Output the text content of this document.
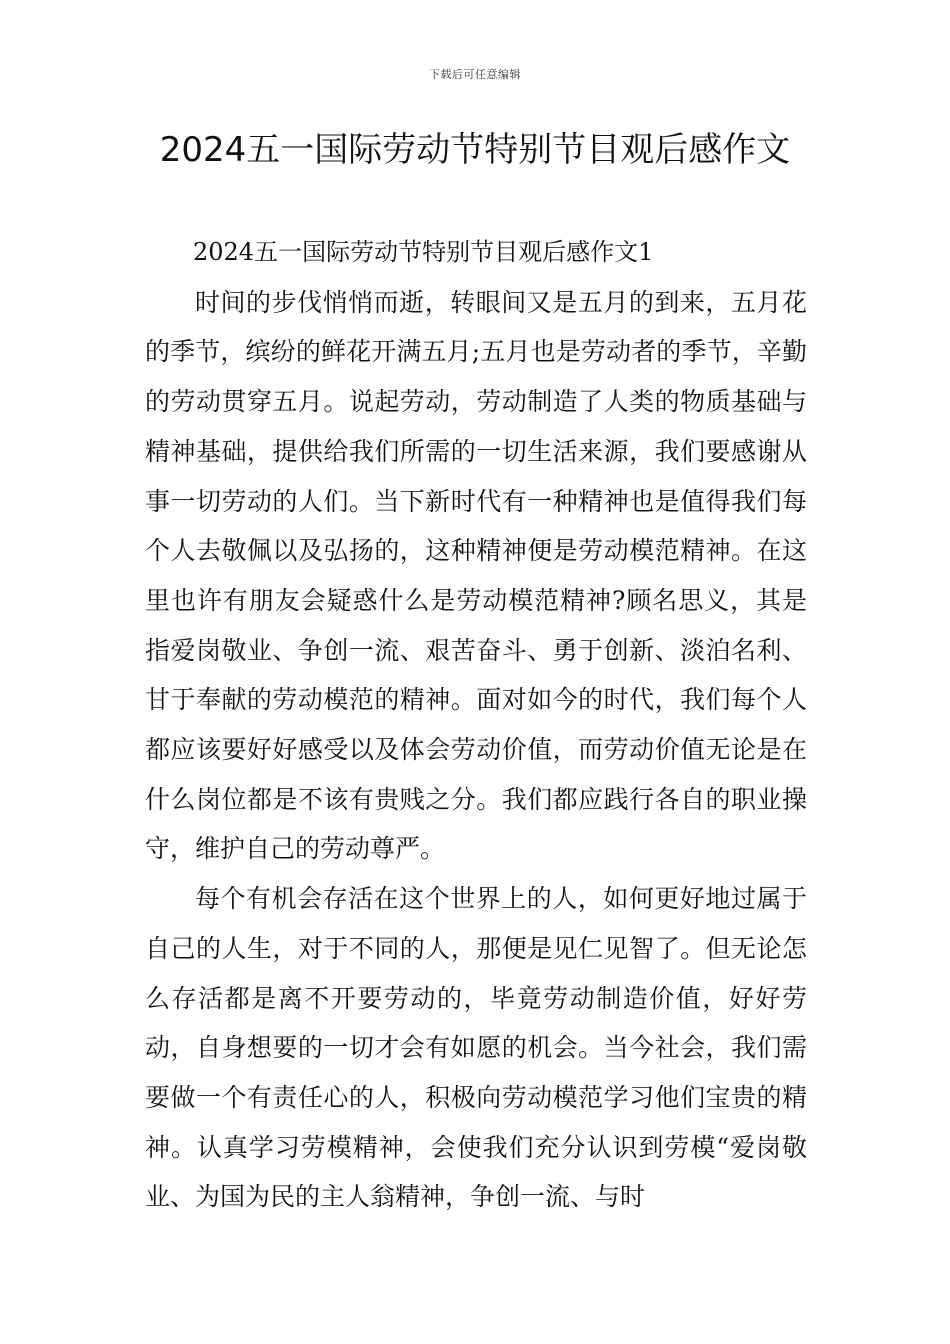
下载后可任意编辑
2024五一国际劳动节特别节目观后感作文
2024五一国际劳动节特别节目观后感作文1

时间的步伐悄悄而逝，转眼间又是五月的到来，五月花的季节，缤纷的鲜花开满五月;五月也是劳动者的季节，辛勤的劳动贯穿五月。说起劳动，劳动制造了人类的物质基础与精神基础，提供给我们所需的一切生活来源，我们要感谢从事一切劳动的人们。当下新时代有一种精神也是值得我们每个人去敬佩以及弘扬的，这种精神便是劳动模范精神。在这里也许有朋友会疑惑什么是劳动模范精神?顾名思义，其是指爱岗敬业、争创一流、艰苦奋斗、勇于创新、淡泊名利、甘于奉献的劳动模范的精神。面对如今的时代，我们每个人都应该要好好感受以及体会劳动价值，而劳动价值无论是在什么岗位都是不该有贵贱之分。我们都应践行各自的职业操守，维护自己的劳动尊严。

每个有机会存活在这个世界上的人，如何更好地过属于自己的人生，对于不同的人，那便是见仁见智了。但无论怎么存活都是离不开要劳动的，毕竟劳动制造价值，好好劳动，自身想要的一切才会有如愿的机会。当今社会，我们需要做一个有责任心的人，积极向劳动模范学习他们宝贵的精神。认真学习劳模精神，会使我们充分认识到劳模“爱岗敬业、为国为民的主人翁精神，争创一流、与时
